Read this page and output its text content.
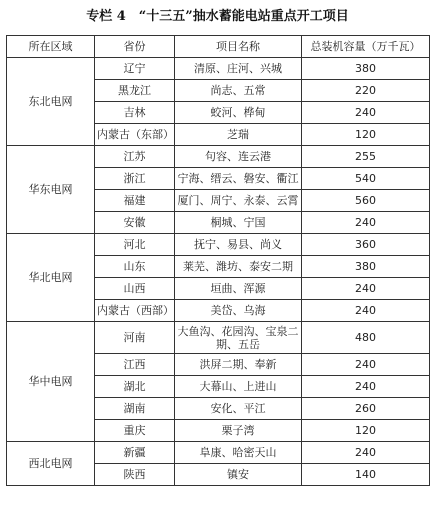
专栏 4　“十三五”抽水蓄能电站重点开工项目
所在区域	省份	项目名称	总装机容量（万千瓦）
东北电网	辽宁	清原、庄河、兴城	380
	黑龙江	尚志、五常	220
	吉林	蛟河、桦甸	240
	内蒙古（东部）	芝瑞	120
华东电网	江苏	句容、连云港	255
	浙江	宁海、缙云、磐安、衢江	540
	福建	厦门、周宁、永泰、云霄	560
	安徽	桐城、宁国	240
华北电网	河北	抚宁、易县、尚义	360
	山东	莱芜、潍坊、泰安二期	380
	山西	垣曲、浑源	240
	内蒙古（西部）	美岱、乌海	240
华中电网	河南	大鱼沟、花园沟、宝泉二期、五岳	480
	江西	洪屏二期、奉新	240
	湖北	大幕山、上进山	240
	湖南	安化、平江	260
	重庆	栗子湾	120
西北电网	新疆	阜康、哈密天山	240
	陕西	镇安	140
